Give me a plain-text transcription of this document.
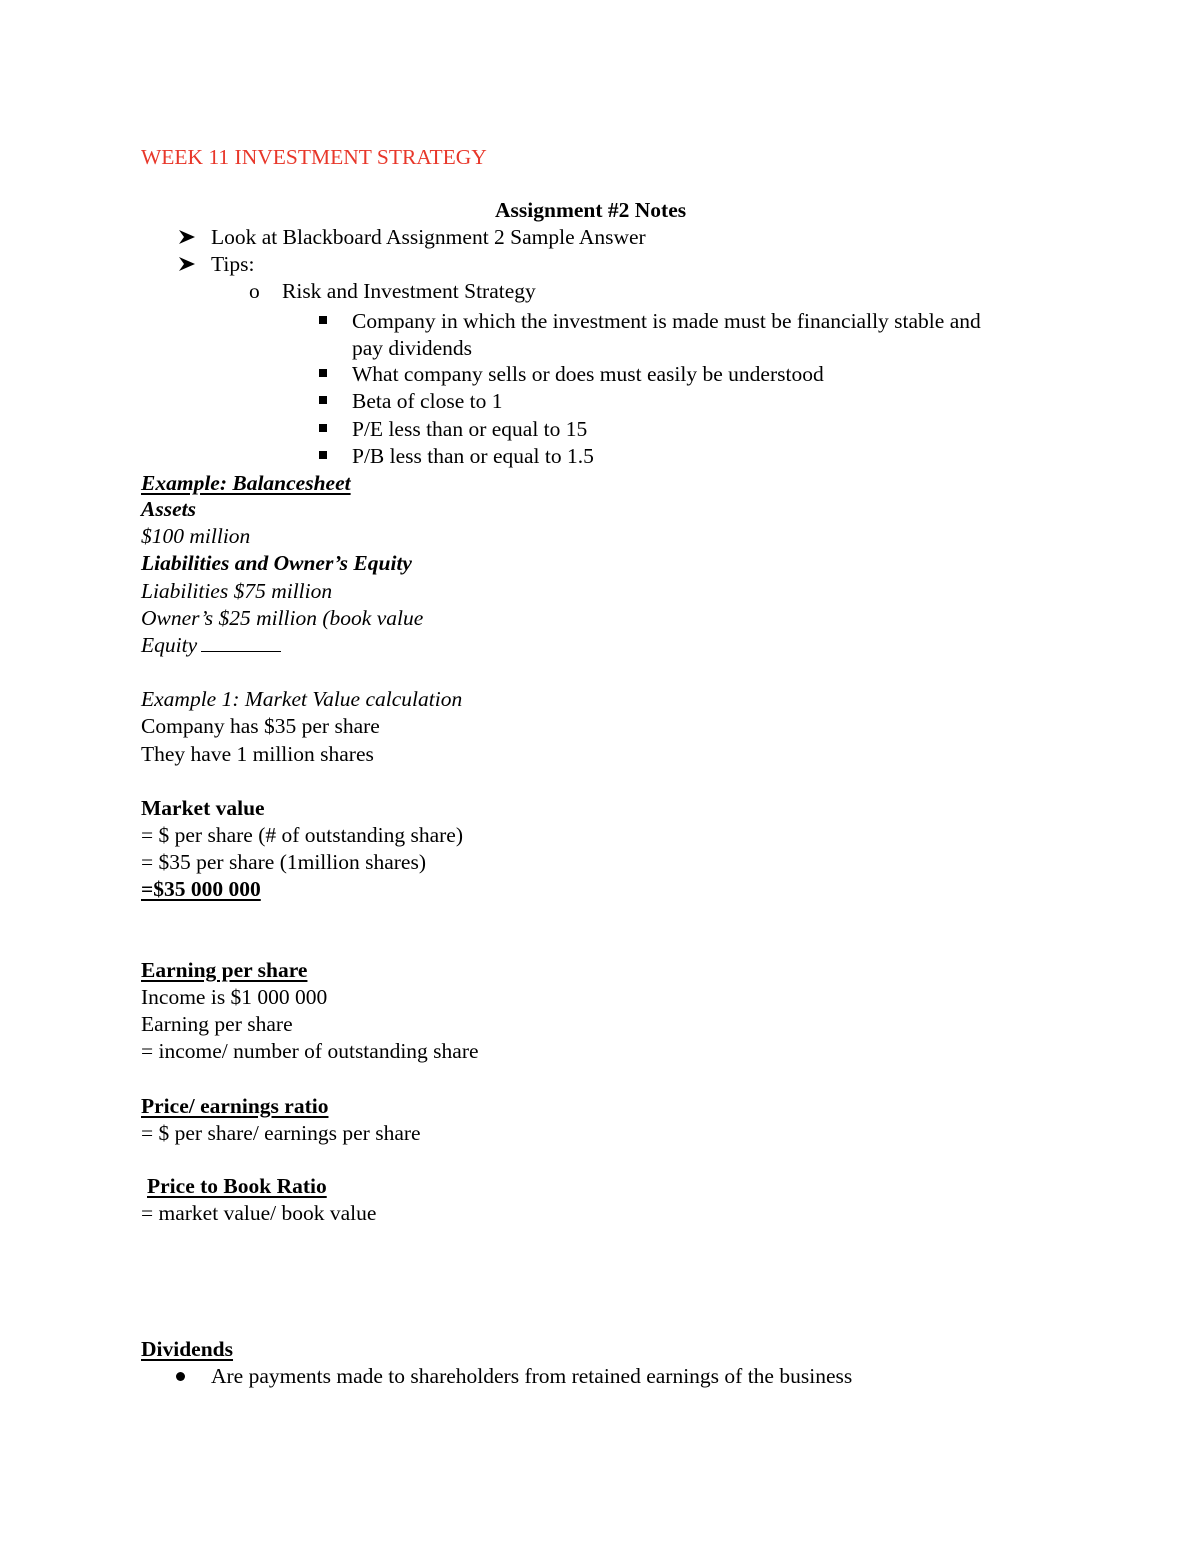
WEEK 11 INVESTMENT STRATEGY
Assignment #2 Notes
Look at Blackboard Assignment 2 Sample Answer
Tips:
o Risk and Investment Strategy
Company in which the investment is made must be financially stable and
pay dividends
What company sells or does must easily be understood
Beta of close to 1
P/E less than or equal to 15
P/B less than or equal to 1.5
Example: Balancesheet
Assets
$100 million
Liabilities and Owner’s Equity
Liabilities $75 million
Owner’s $25 million (book value
Equity
Example 1: Market Value calculation
Company has $35 per share
They have 1 million shares
Market value
= $ per share (# of outstanding share)
= $35 per share (1million shares)
=$35 000 000
Earning per share
Income is $1 000 000
Earning per share
= income/ number of outstanding share
Price/ earnings ratio
= $ per share/ earnings per share
Price to Book Ratio
= market value/ book value
Dividends
Are payments made to shareholders from retained earnings of the business
